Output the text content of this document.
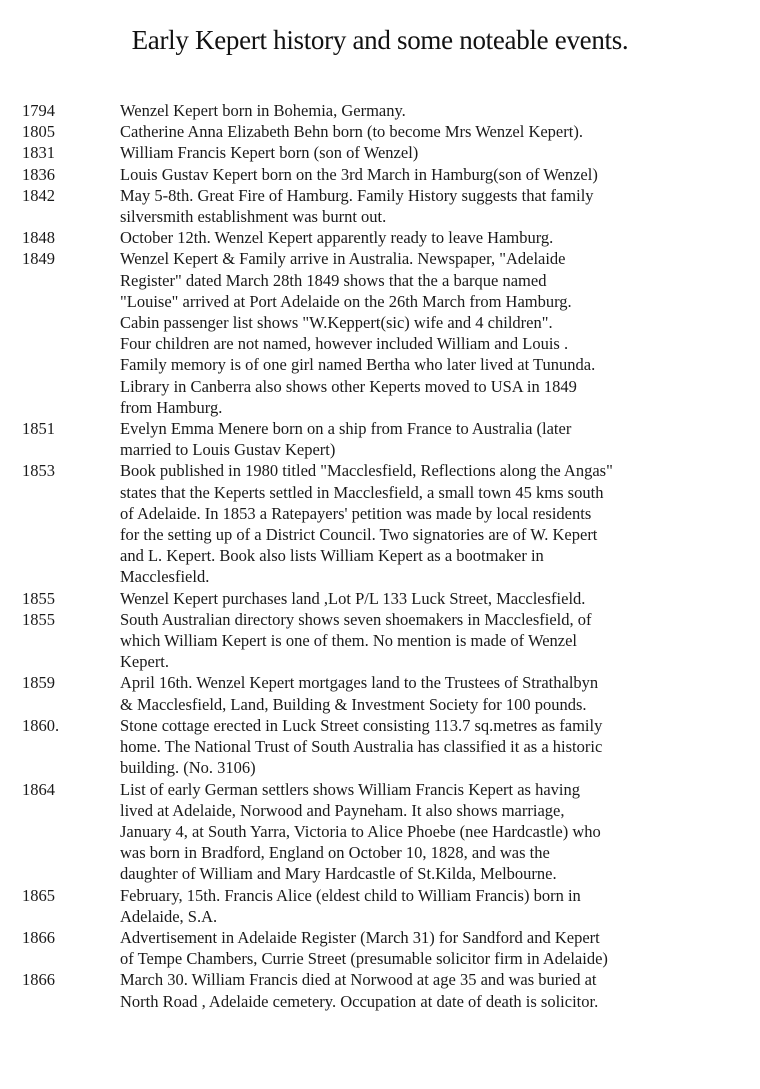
Early Kepert history and some noteable events.
1794	Wenzel Kepert born in Bohemia, Germany.
1805	Catherine Anna Elizabeth Behn born (to become Mrs Wenzel Kepert).
1831	William Francis Kepert born (son of Wenzel)
1836	Louis Gustav Kepert born on the 3rd March in Hamburg(son of Wenzel)
1842	May 5-8th. Great Fire of Hamburg. Family History suggests that family
silversmith establishment was burnt out.
1848	October 12th. Wenzel Kepert apparently ready to leave Hamburg.
1849	Wenzel Kepert & Family arrive in Australia. Newspaper, "Adelaide
Register" dated March 28th 1849 shows that the a barque named
"Louise" arrived at Port Adelaide on the 26th March from Hamburg.
Cabin passenger list shows "W.Keppert(sic) wife and 4 children".
Four children are not named, however included William and Louis .
Family memory is of one girl named Bertha who later lived at Tununda.
Library in Canberra also shows other Keperts moved to USA in 1849
from Hamburg.
1851	Evelyn Emma Menere born on a ship from France to Australia (later
married to Louis Gustav Kepert)
1853	Book published in 1980 titled "Macclesfield, Reflections along the Angas"
states that the Keperts settled in Macclesfield, a small town 45 kms south
of Adelaide. In 1853 a Ratepayers' petition was made by local residents
for the setting up of a District Council. Two signatories are of W. Kepert
and L. Kepert. Book also lists William Kepert as a bootmaker in
Macclesfield.
1855	Wenzel Kepert purchases land ,Lot P/L 133 Luck Street, Macclesfield.
1855	South Australian directory shows seven shoemakers in Macclesfield, of
which William Kepert is one of them. No mention is made of Wenzel
Kepert.
1859	April 16th. Wenzel Kepert mortgages land to the Trustees of Strathalbyn
& Macclesfield, Land, Building & Investment Society for 100 pounds.
1860.	Stone cottage erected in Luck Street consisting 113.7 sq.metres as family
home. The National Trust of South Australia has classified it as a historic
building. (No. 3106)
1864	List of early German settlers shows William Francis Kepert as having
lived at Adelaide, Norwood and Payneham. It also shows marriage,
January 4, at South Yarra, Victoria to Alice Phoebe (nee Hardcastle) who
was born in Bradford, England on October 10, 1828, and was the
daughter of William and Mary Hardcastle of St.Kilda, Melbourne.
1865	February, 15th. Francis Alice (eldest child to William Francis) born in
Adelaide, S.A.
1866	Advertisement in Adelaide Register (March 31) for Sandford and Kepert
of Tempe Chambers, Currie Street (presumable solicitor firm in Adelaide)
1866	March 30. William Francis died at Norwood at age 35 and was buried at
North Road , Adelaide cemetery. Occupation at date of death is solicitor.
